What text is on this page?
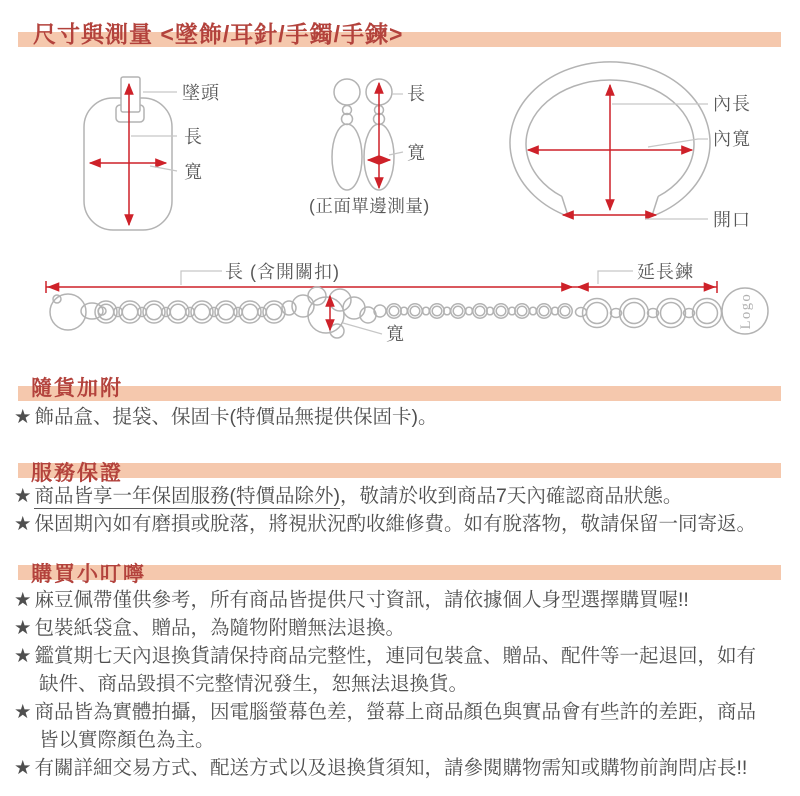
尺寸與測量 <墜飾/耳針/手鐲/手鍊>
墜頭
長
寬
長
寬
(正面單邊測量)
內長
內寬
開口
長 (含開關扣)	延長鍊
寬
Logo
隨貨加附
★ 飾品盒、提袋、保固卡(特價品無提供保固卡)。
服務保證
★ 商品皆享一年保固服務(特價品除外)，敬請於收到商品7天內確認商品狀態。
★ 保固期內如有磨損或脫落，將視狀況酌收維修費。如有脫落物，敬請保留一同寄返。
購買小叮嚀
★ 麻豆佩帶僅供參考，所有商品皆提供尺寸資訊，請依據個人身型選擇購買喔!!
★ 包裝紙袋盒、贈品，為隨物附贈無法退換。
★ 鑑賞期七天內退換貨請保持商品完整性，連同包裝盒、贈品、配件等一起退回，如有
缺件、商品毀損不完整情況發生，恕無法退換貨。
★ 商品皆為實體拍攝，因電腦螢幕色差，螢幕上商品顏色與實品會有些許的差距，商品
皆以實際顏色為主。
★ 有關詳細交易方式、配送方式以及退換貨須知，請參閱購物需知或購物前詢問店長!!
